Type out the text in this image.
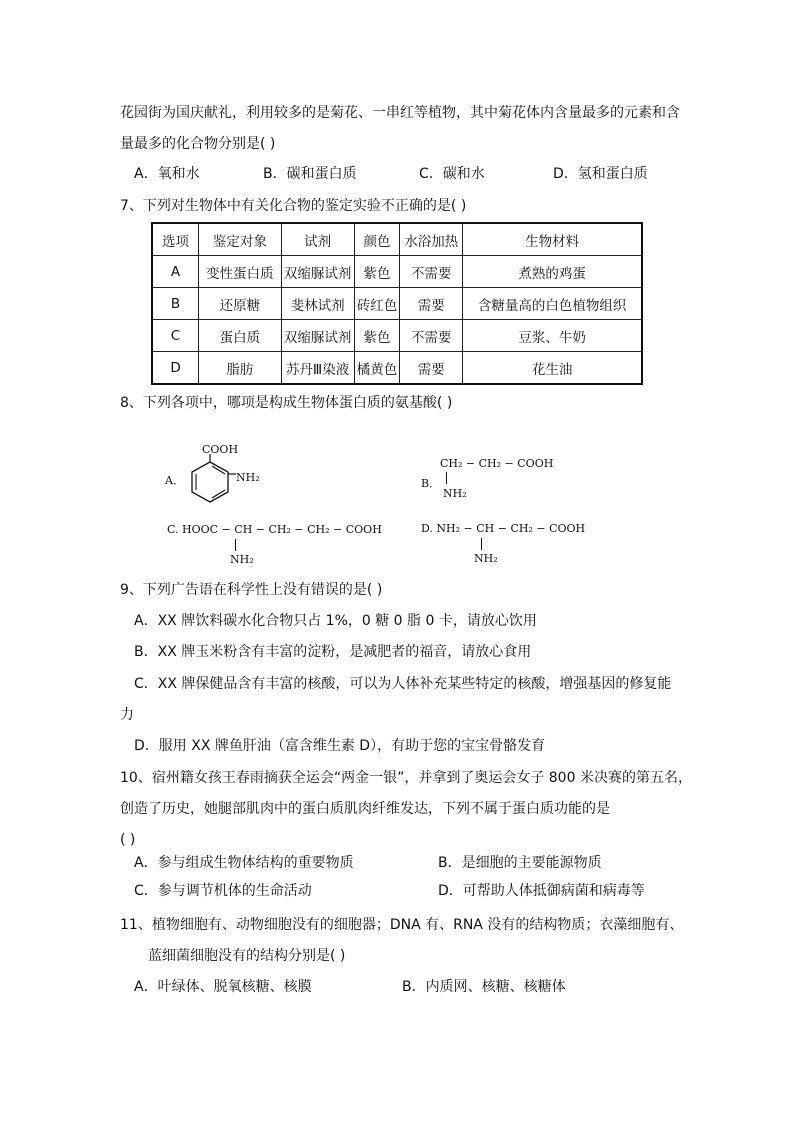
花园街为国庆献礼，利用较多的是菊花、一串红等植物，其中菊花体内含量最多的元素和含
量最多的化合物分别是( )
A．氧和水	B．碳和蛋白质	C．碳和水	D．氢和蛋白质
7、下列对生物体中有关化合物的鉴定实验不正确的是( )
选项	鉴定对象	试剂	颜色	水浴加热	生物材料
A	变性蛋白质	双缩脲试剂	紫色	不需要	煮熟的鸡蛋
B	还原糖	斐林试剂	砖红色	需要	含糖量高的白色植物组织
C	蛋白质	双缩脲试剂	紫色	不需要	豆浆、牛奶
D	脂肪	苏丹Ⅲ染液	橘黄色	需要	花生油
8、下列各项中，哪项是构成生物体蛋白质的氨基酸( )
A．
COOH
NH₂
CH₂ − CH₂ − COOH
B．
NH₂
C. HOOC − CH − CH₂ − CH₂ − COOH
NH₂
D. NH₂ − CH − CH₂ − COOH
NH₂
9、下列广告语在科学性上没有错误的是( )
A．XX 牌饮料碳水化合物只占 1%，0 糖 0 脂 0 卡，请放心饮用
B．XX 牌玉米粉含有丰富的淀粉，是减肥者的福音，请放心食用
C．XX 牌保健品含有丰富的核酸，可以为人体补充某些特定的核酸，增强基因的修复能
力
D．服用 XX 牌鱼肝油（富含维生素 D），有助于您的宝宝骨骼发育
10、宿州籍女孩王春雨摘获全运会“两金一银”，并拿到了奥运会女子 800 米决赛的第五名，
创造了历史，她腿部肌肉中的蛋白质肌肉纤维发达，下列不属于蛋白质功能的是
( )
A．参与组成生物体结构的重要物质	B．是细胞的主要能源物质
C．参与调节机体的生命活动	D．可帮助人体抵御病菌和病毒等
11、植物细胞有、动物细胞没有的细胞器；DNA 有、RNA 没有的结构物质；衣藻细胞有、
蓝细菌细胞没有的结构分别是( )
A．叶绿体、脱氧核糖、核膜	B．内质网、核糖、核糖体
